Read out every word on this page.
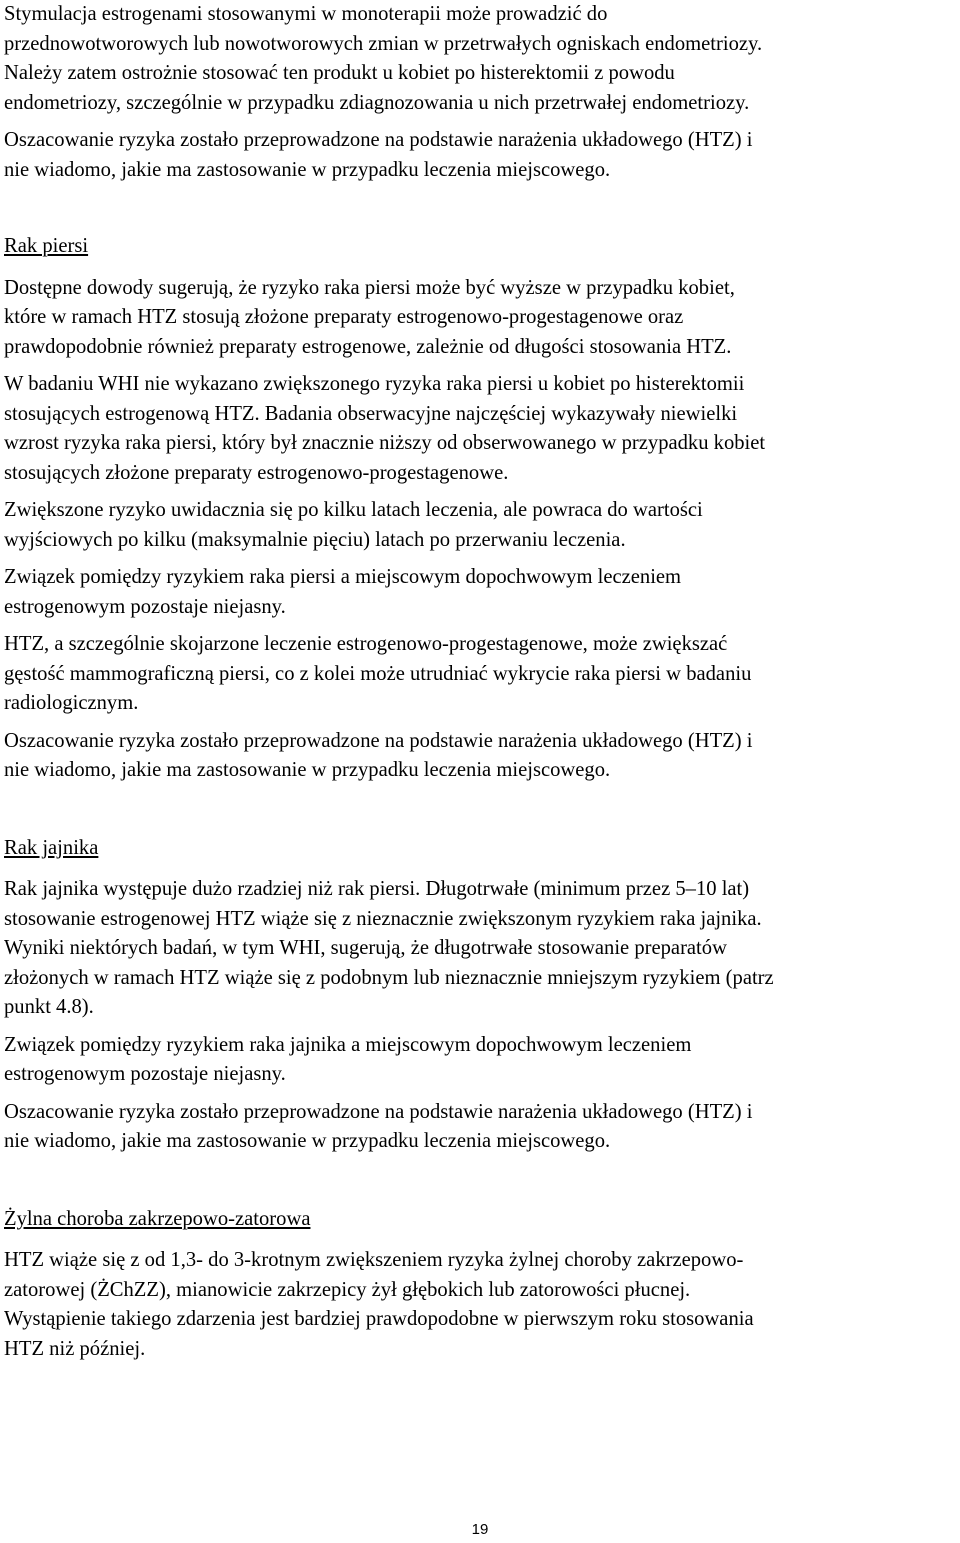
Stymulacja estrogenami stosowanymi w monoterapii może prowadzić do

przednowotworowych lub nowotworowych zmian w przetrwałych ogniskach endometriozy.

Należy zatem ostrożnie stosować ten produkt u kobiet po histerektomii z powodu

endometriozy, szczególnie w przypadku zdiagnozowania u nich przetrwałej endometriozy.

Oszacowanie ryzyka zostało przeprowadzone na podstawie narażenia układowego (HTZ) i

nie wiadomo, jakie ma zastosowanie w przypadku leczenia miejscowego.

Rak piersi

Dostępne dowody sugerują, że ryzyko raka piersi może być wyższe w przypadku kobiet,

które w ramach HTZ stosują złożone preparaty estrogenowo-progestagenowe oraz

prawdopodobnie również preparaty estrogenowe, zależnie od długości stosowania HTZ.

W badaniu WHI nie wykazano zwiększonego ryzyka raka piersi u kobiet po histerektomii

stosujących estrogenową HTZ. Badania obserwacyjne najczęściej wykazywały niewielki

wzrost ryzyka raka piersi, który był znacznie niższy od obserwowanego w przypadku kobiet

stosujących złożone preparaty estrogenowo-progestagenowe.

Zwiększone ryzyko uwidacznia się po kilku latach leczenia, ale powraca do wartości

wyjściowych po kilku (maksymalnie pięciu) latach po przerwaniu leczenia.

Związek pomiędzy ryzykiem raka piersi a miejscowym dopochwowym leczeniem

estrogenowym pozostaje niejasny.

HTZ, a szczególnie skojarzone leczenie estrogenowo-progestagenowe, może zwiększać

gęstość mammograficzną piersi, co z kolei może utrudniać wykrycie raka piersi w badaniu

radiologicznym.

Oszacowanie ryzyka zostało przeprowadzone na podstawie narażenia układowego (HTZ) i

nie wiadomo, jakie ma zastosowanie w przypadku leczenia miejscowego.

Rak jajnika

Rak jajnika występuje dużo rzadziej niż rak piersi. Długotrwałe (minimum przez 5–10 lat)

stosowanie estrogenowej HTZ wiąże się z nieznacznie zwiększonym ryzykiem raka jajnika.

Wyniki niektórych badań, w tym WHI, sugerują, że długotrwałe stosowanie preparatów

złożonych w ramach HTZ wiąże się z podobnym lub nieznacznie mniejszym ryzykiem (patrz

punkt 4.8).

Związek pomiędzy ryzykiem raka jajnika a miejscowym dopochwowym leczeniem

estrogenowym pozostaje niejasny.

Oszacowanie ryzyka zostało przeprowadzone na podstawie narażenia układowego (HTZ) i

nie wiadomo, jakie ma zastosowanie w przypadku leczenia miejscowego.

Żylna choroba zakrzepowo-zatorowa

HTZ wiąże się z od 1,3- do 3-krotnym zwiększeniem ryzyka żylnej choroby zakrzepowo-

zatorowej (ŻChZZ), mianowicie zakrzepicy żył głębokich lub zatorowości płucnej.

Wystąpienie takiego zdarzenia jest bardziej prawdopodobne w pierwszym roku stosowania

HTZ niż później.

19
